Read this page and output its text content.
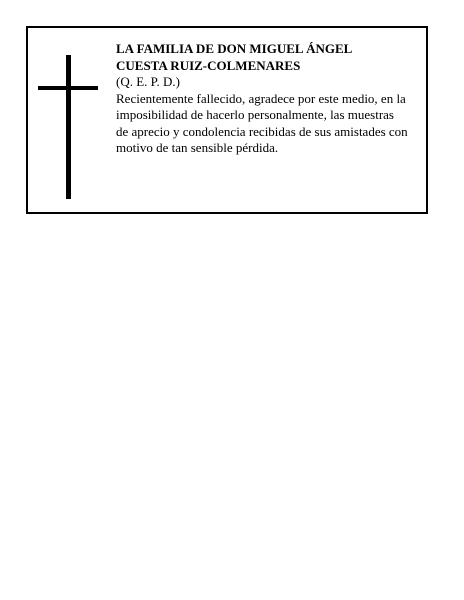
LA FAMILIA DE DON MIGUEL ÁNGEL
CUESTA RUIZ-COLMENARES

(Q. E. P. D.)
Recientemente fallecido, agradece por este medio, en la
imposibilidad de hacerlo personalmente, las muestras
de aprecio y condolencia recibidas de sus amistades con
motivo de tan sensible pérdida.
